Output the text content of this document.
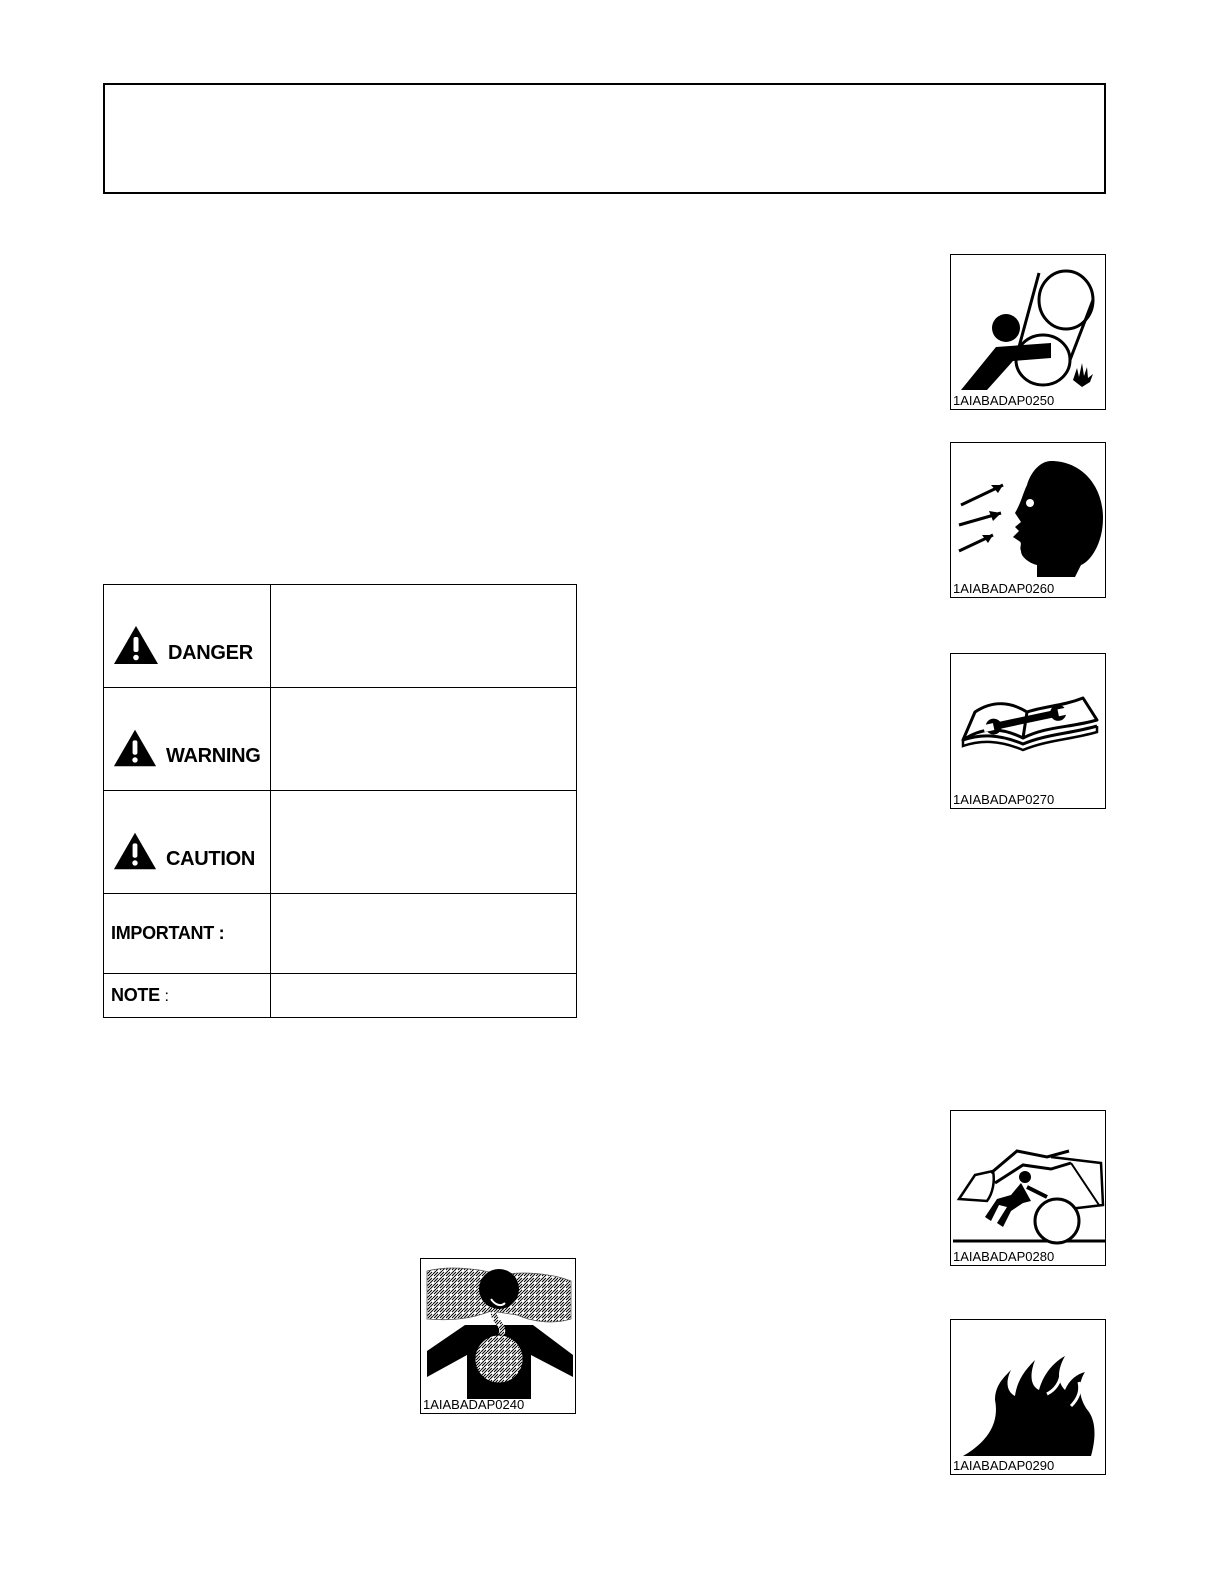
DANGER	

WARNING	

CAUTION	

IMPORTANT :	
NOTE :	
1AIABADAP0250
1AIABADAP0260
1AIABADAP0270
1AIABADAP0280
1AIABADAP0290
1AIABADAP0240
